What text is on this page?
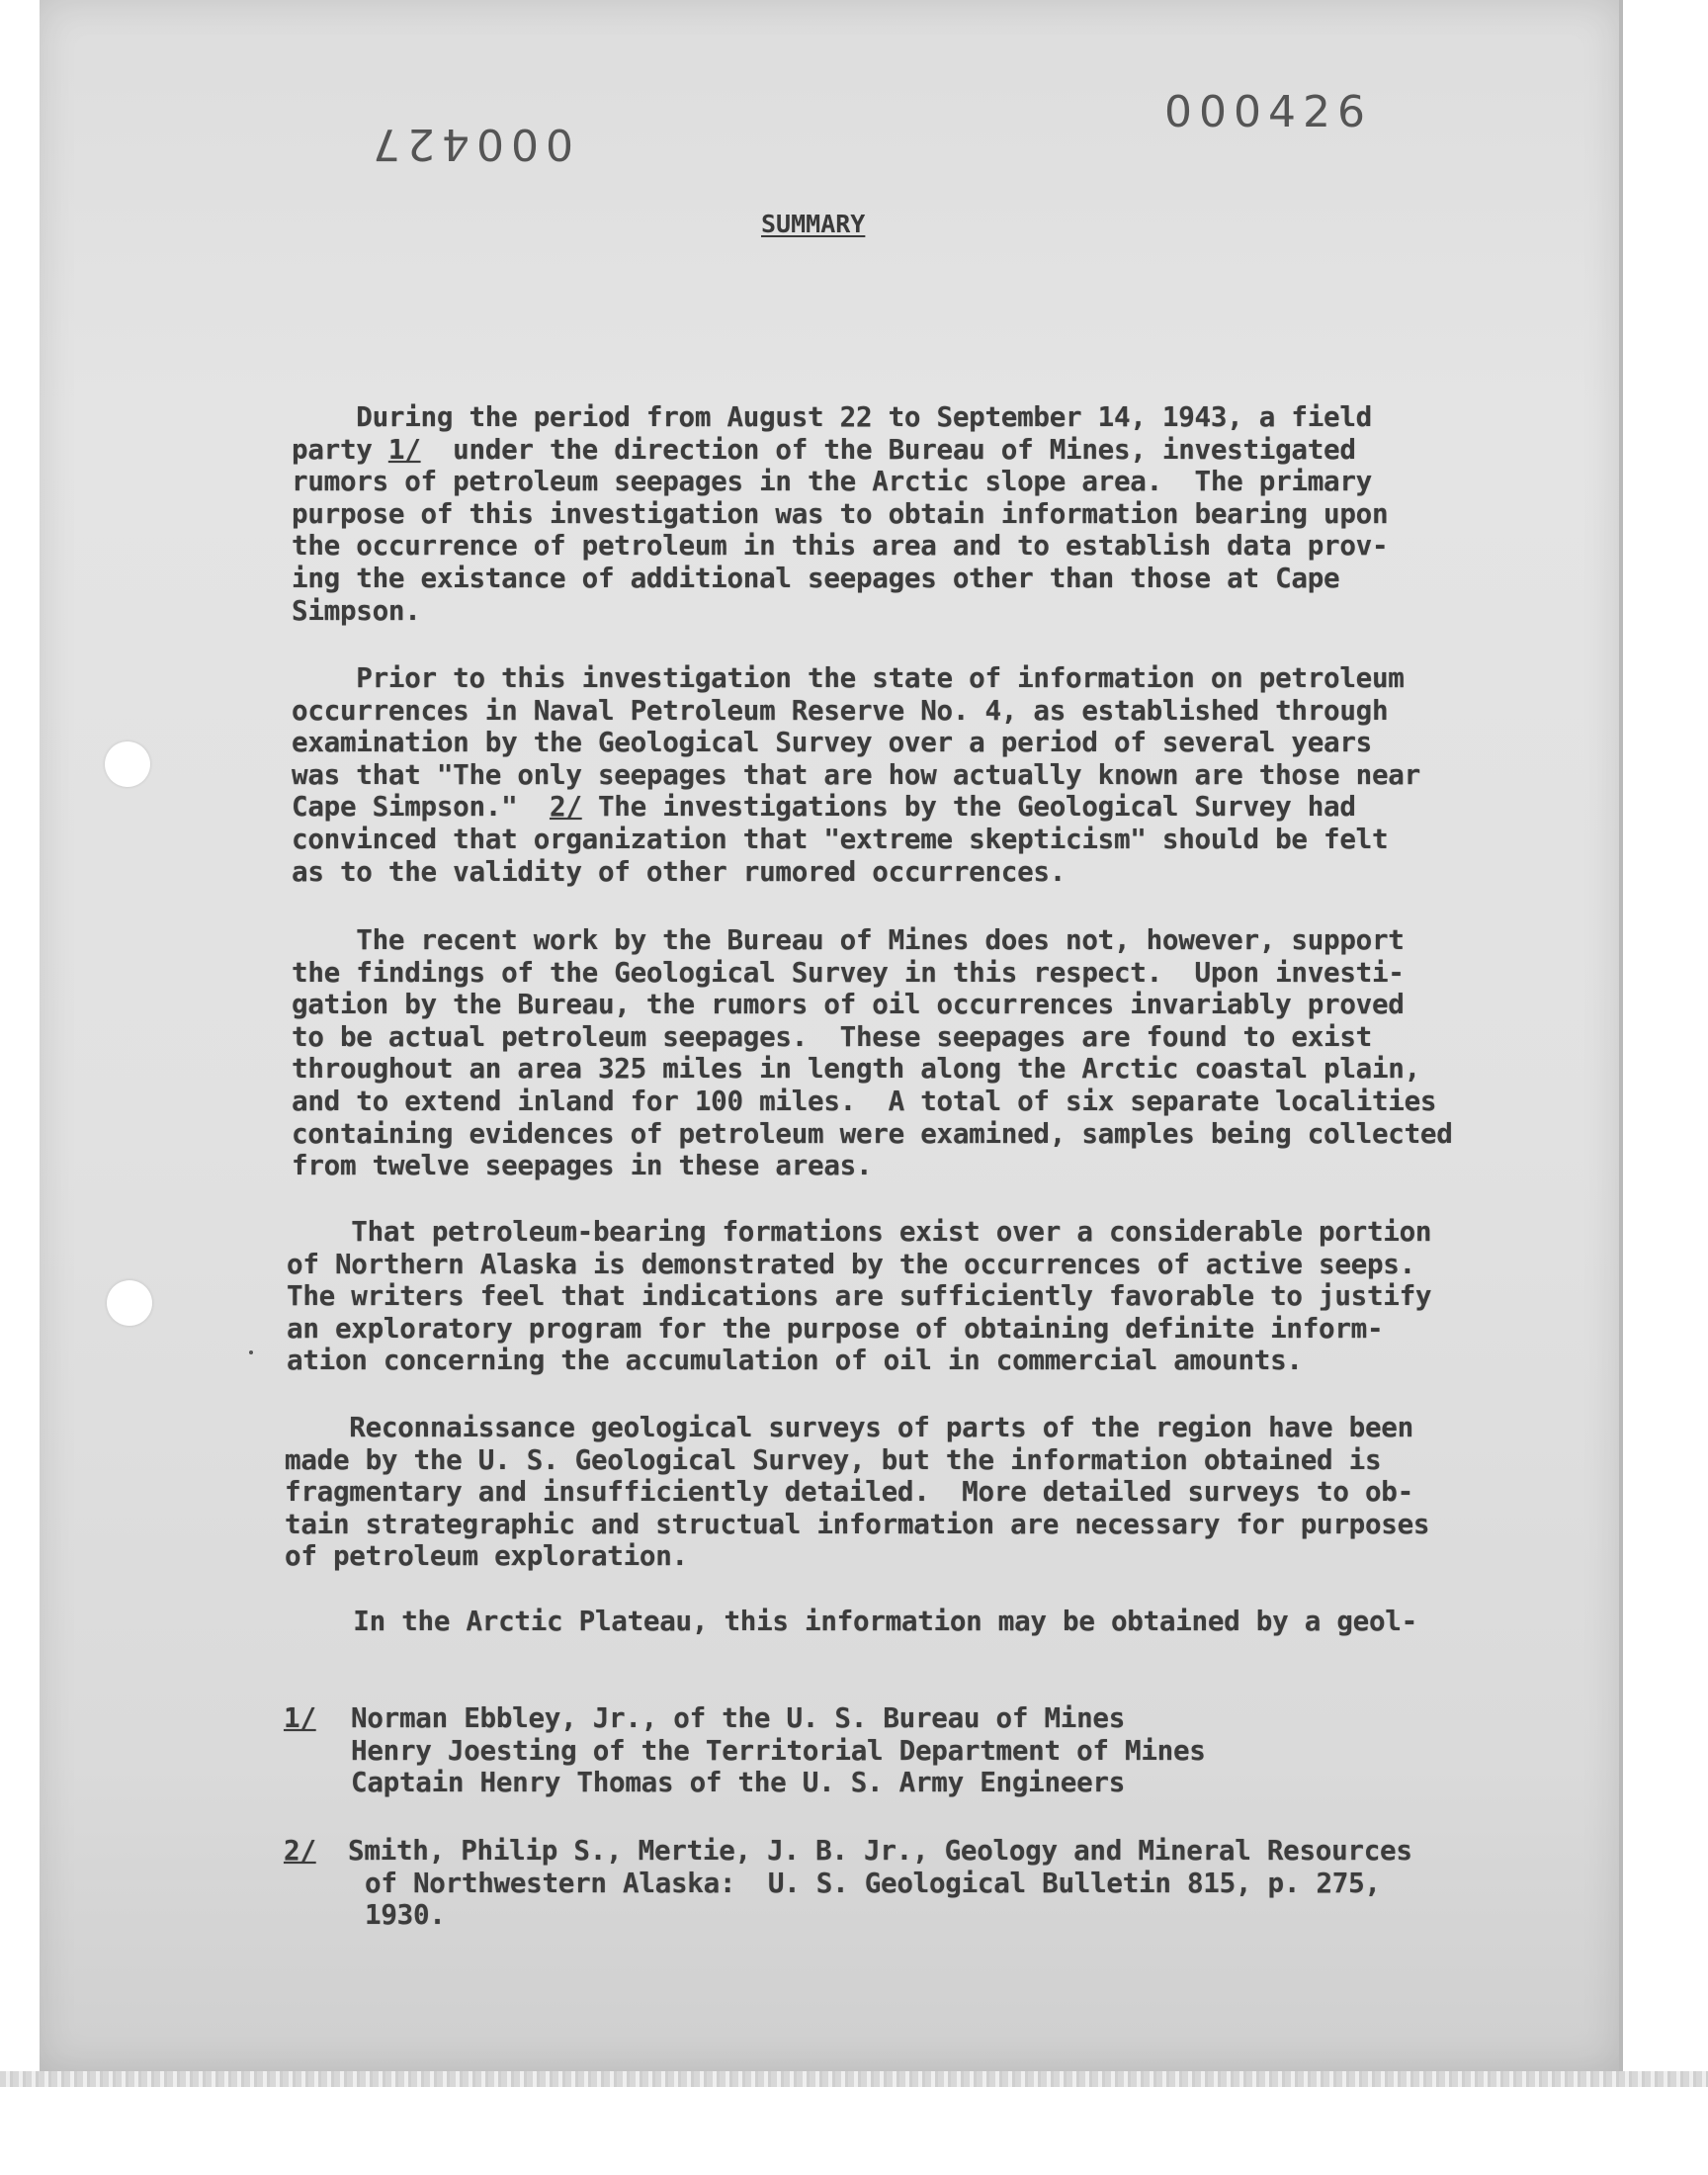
000426
000427
SUMMARY
During the period from August 22 to September 14, 1943, a field
party 1/  under the direction of the Bureau of Mines, investigated
rumors of petroleum seepages in the Arctic slope area.  The primary
purpose of this investigation was to obtain information bearing upon
the occurrence of petroleum in this area and to establish data prov-
ing the existance of additional seepages other than those at Cape
Simpson.
Prior to this investigation the state of information on petroleum
occurrences in Naval Petroleum Reserve No. 4, as established through
examination by the Geological Survey over a period of several years
was that "The only seepages that are how actually known are those near
Cape Simpson."  2/ The investigations by the Geological Survey had
convinced that organization that "extreme skepticism" should be felt
as to the validity of other rumored occurrences.
The recent work by the Bureau of Mines does not, however, support
the findings of the Geological Survey in this respect.  Upon investi-
gation by the Bureau, the rumors of oil occurrences invariably proved
to be actual petroleum seepages.  These seepages are found to exist
throughout an area 325 miles in length along the Arctic coastal plain,
and to extend inland for 100 miles.  A total of six separate localities
containing evidences of petroleum were examined, samples being collected
from twelve seepages in these areas.
That petroleum-bearing formations exist over a considerable portion
of Northern Alaska is demonstrated by the occurrences of active seeps.
The writers feel that indications are sufficiently favorable to justify
an exploratory program for the purpose of obtaining definite inform-
ation concerning the accumulation of oil in commercial amounts.
Reconnaissance geological surveys of parts of the region have been
made by the U. S. Geological Survey, but the information obtained is
fragmentary and insufficiently detailed.  More detailed surveys to ob-
tain strategraphic and structual information are necessary for purposes
of petroleum exploration.
In the Arctic Plateau, this information may be obtained by a geol-
1/ Norman Ebbley, Jr., of the U. S. Bureau of Mines
Henry Joesting of the Territorial Department of Mines
Captain Henry Thomas of the U. S. Army Engineers
2/ Smith, Philip S., Mertie, J. B. Jr., Geology and Mineral Resources
of Northwestern Alaska:  U. S. Geological Bulletin 815, p. 275,
1930.
